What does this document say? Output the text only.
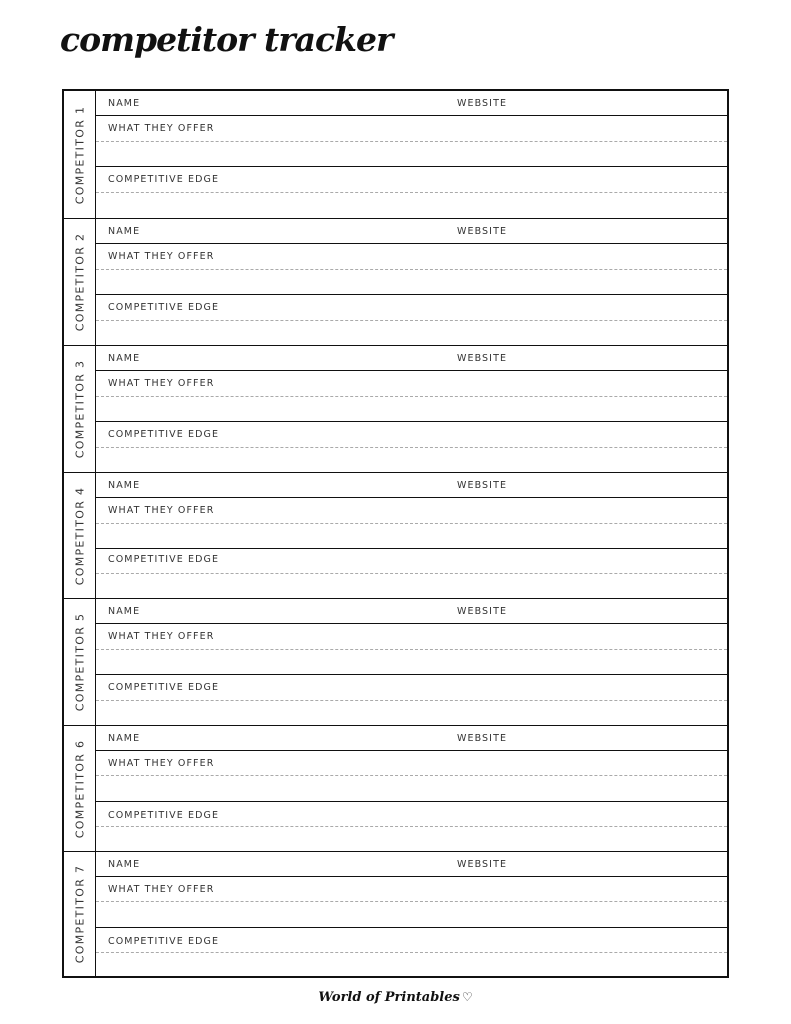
competitor tracker
COMPETITOR 1
NAME	WEBSITE
WHAT THEY OFFER
COMPETITIVE EDGE
COMPETITOR 2
NAME	WEBSITE
WHAT THEY OFFER
COMPETITIVE EDGE
COMPETITOR 3
NAME	WEBSITE
WHAT THEY OFFER
COMPETITIVE EDGE
COMPETITOR 4
NAME	WEBSITE
WHAT THEY OFFER
COMPETITIVE EDGE
COMPETITOR 5
NAME	WEBSITE
WHAT THEY OFFER
COMPETITIVE EDGE
COMPETITOR 6
NAME	WEBSITE
WHAT THEY OFFER
COMPETITIVE EDGE
COMPETITOR 7
NAME	WEBSITE
WHAT THEY OFFER
COMPETITIVE EDGE
World of Printables ♡
